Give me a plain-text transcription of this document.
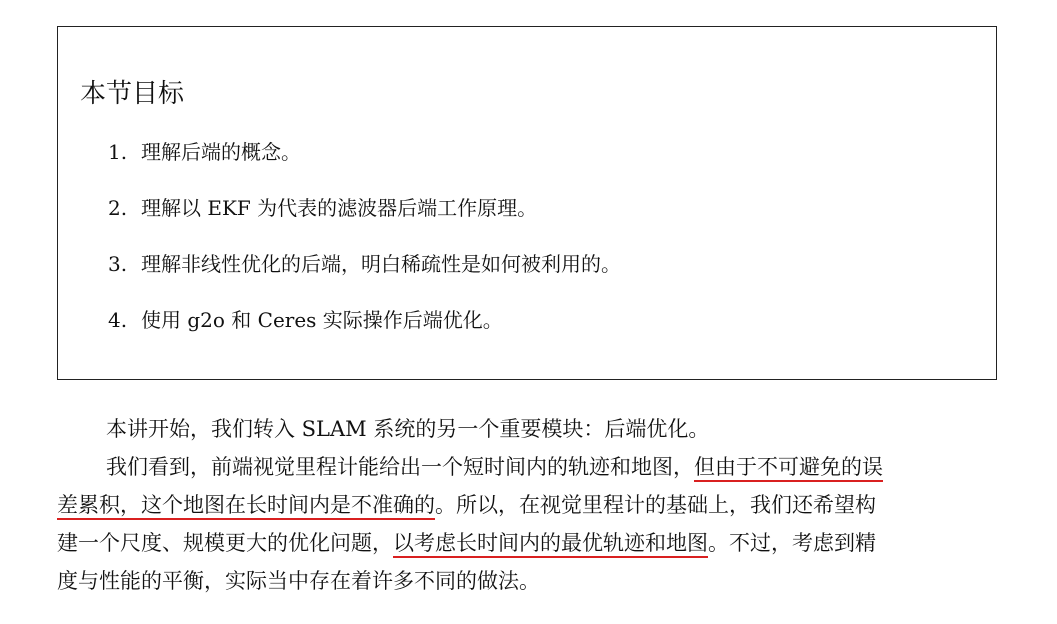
本节目标
1. 理解后端的概念。
2. 理解以 EKF 为代表的滤波器后端工作原理。
3. 理解非线性优化的后端，明白稀疏性是如何被利用的。
4. 使用 g2o 和 Ceres 实际操作后端优化。
本讲开始，我们转入 SLAM 系统的另一个重要模块：后端优化。
我们看到，前端视觉里程计能给出一个短时间内的轨迹和地图，但由于不可避免的误
差累积，这个地图在长时间内是不准确的。所以，在视觉里程计的基础上，我们还希望构
建一个尺度、规模更大的优化问题，以考虑长时间内的最优轨迹和地图。不过，考虑到精
度与性能的平衡，实际当中存在着许多不同的做法。
